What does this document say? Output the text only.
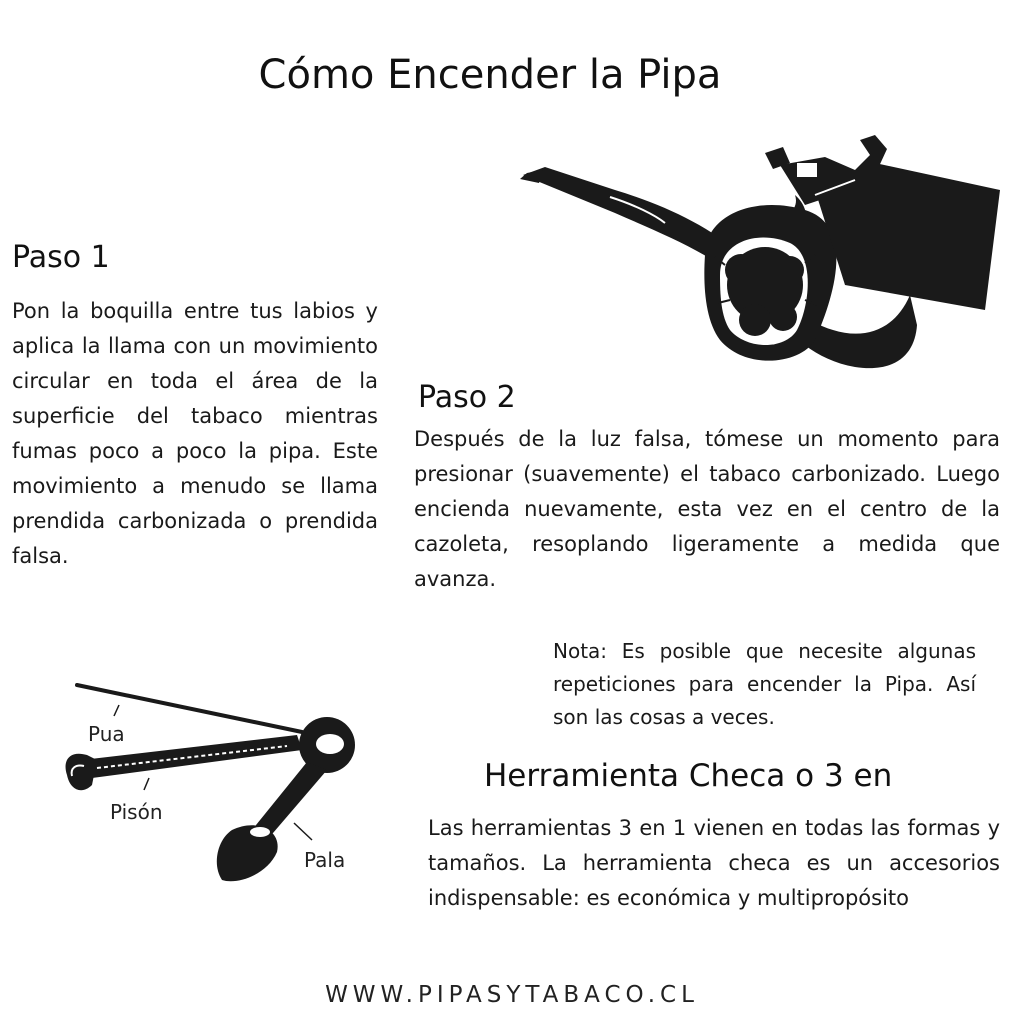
Cómo Encender la Pipa
Paso 1

Pon la boquilla entre tus labios y aplica la llama con un movimiento circular en toda el área de la superficie del tabaco mientras fumas poco a poco la pipa. Este movimiento a menudo se llama prendida carbonizada o prendida falsa.

Paso 2

Después de la luz falsa, tómese un momento para  presionar (suavemente) el tabaco carbonizado. Luego encienda nuevamente, esta vez en el centro de la cazoleta, resoplando ligeramente a medida que avanza.

Nota: Es posible que necesite algunas repeticiones para encender la Pipa. Así son las cosas a veces.

Pua
Pisón
Pala
Herramienta Checa o 3 en

Las herramientas 3 en 1 vienen en todas las formas y tamaños. La herramienta checa es un accesorios indispensable: es económica y multipropósito

WWW.PIPASYTABACO.CL
